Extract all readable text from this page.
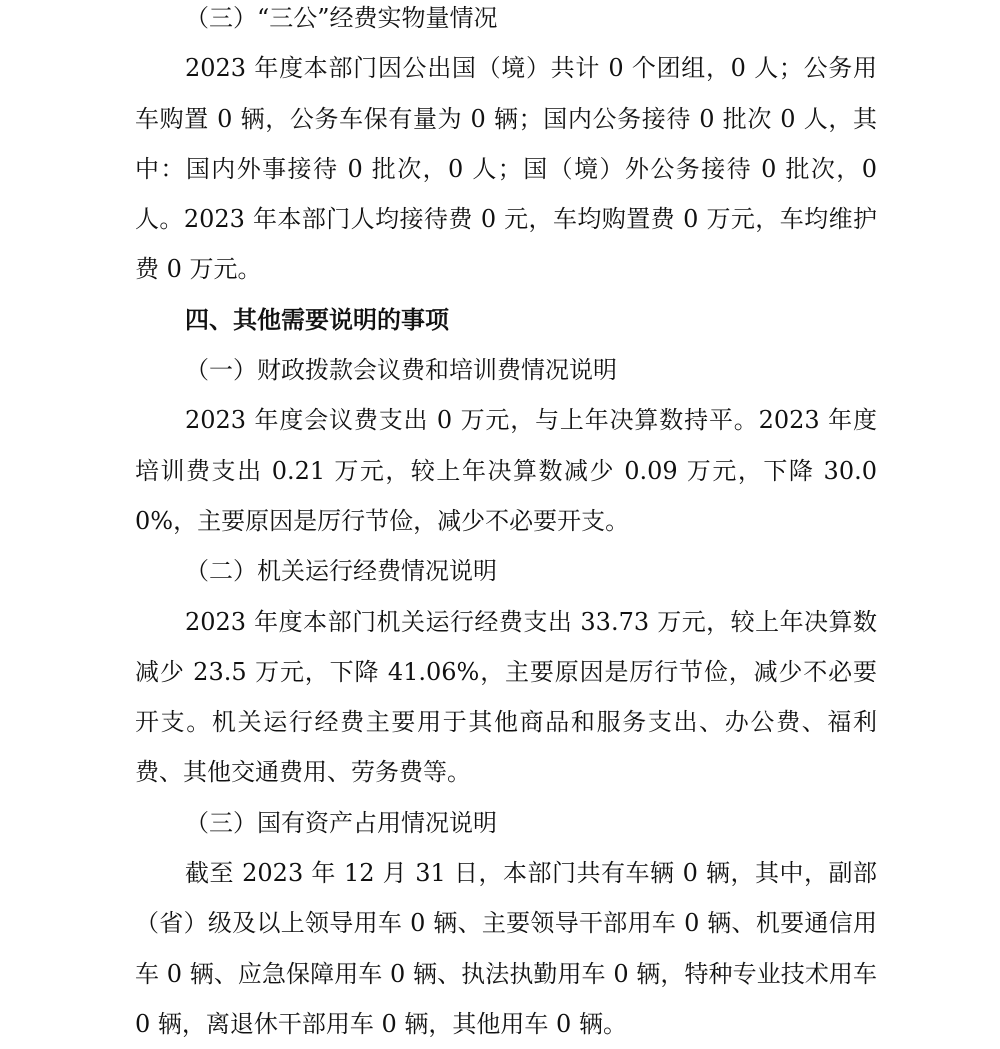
（三）“三公”经费实物量情况

2023 年度本部门因公出国（境）共计 0 个团组，0 人；公务用车购置 0 辆，公务车保有量为 0 辆；国内公务接待 0 批次 0 人，其中：国内外事接待 0 批次，0 人；国（境）外公务接待 0 批次，0 人。2023 年本部门人均接待费 0 元，车均购置费 0 万元，车均维护费 0 万元。

四、其他需要说明的事项

（一）财政拨款会议费和培训费情况说明

2023 年度会议费支出 0 万元，与上年决算数持平。2023 年度培训费支出 0.21 万元，较上年决算数减少 0.09 万元，下降 30.00%，主要原因是厉行节俭，减少不必要开支。

（二）机关运行经费情况说明

2023 年度本部门机关运行经费支出 33.73 万元，较上年决算数减少 23.5 万元，下降 41.06%，主要原因是厉行节俭，减少不必要开支。机关运行经费主要用于其他商品和服务支出、办公费、福利费、其他交通费用、劳务费等。

（三）国有资产占用情况说明

截至 2023 年 12 月 31 日，本部门共有车辆 0 辆，其中，副部（省）级及以上领导用车 0 辆、主要领导干部用车 0 辆、机要通信用车 0 辆、应急保障用车 0 辆、执法执勤用车 0 辆，特种专业技术用车 0 辆，离退休干部用车 0 辆，其他用车 0 辆。
